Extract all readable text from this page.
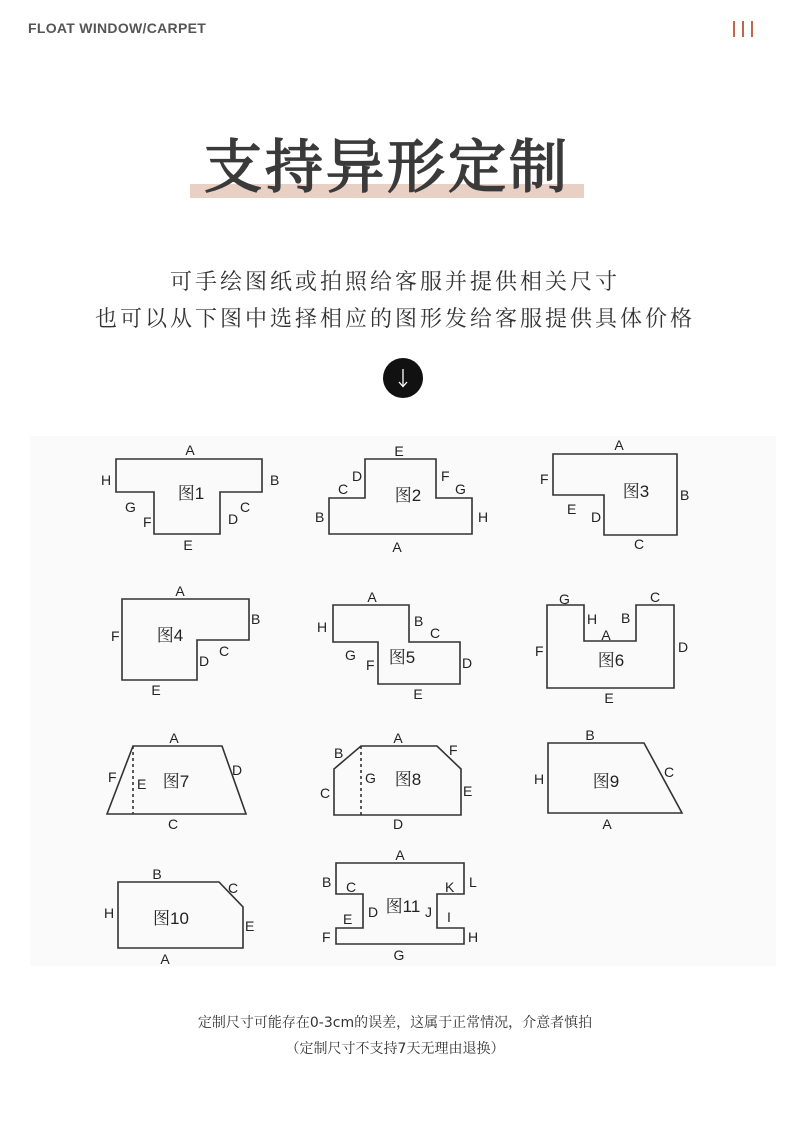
FLOAT WINDOW/CARPET
支持异形定制
可手绘图纸或拍照给客服并提供相关尺寸
也可以从下图中选择相应的图形发给客服提供具体价格
A
B
C
D
E
F
G
H
图1
A
B
C
D
E
F
G
H
图2
A
B
C
D
E
F
图3
A
B
C
D
E
F 图4
A
B
C
D
E
F
G
H
图5
A
B
C
D
E
F
G
H
图6
A
C
D
E
F	图7
A
B
C
D
E
F
G 图8
A
B
C
H	图9
A
B
C
E
H 图10
A
B C
D
E
F
G
H
I
J
K L
图11
定制尺寸可能存在0-3cm的误差，这属于正常情况，介意者慎拍
（定制尺寸不支持7天无理由退换）
